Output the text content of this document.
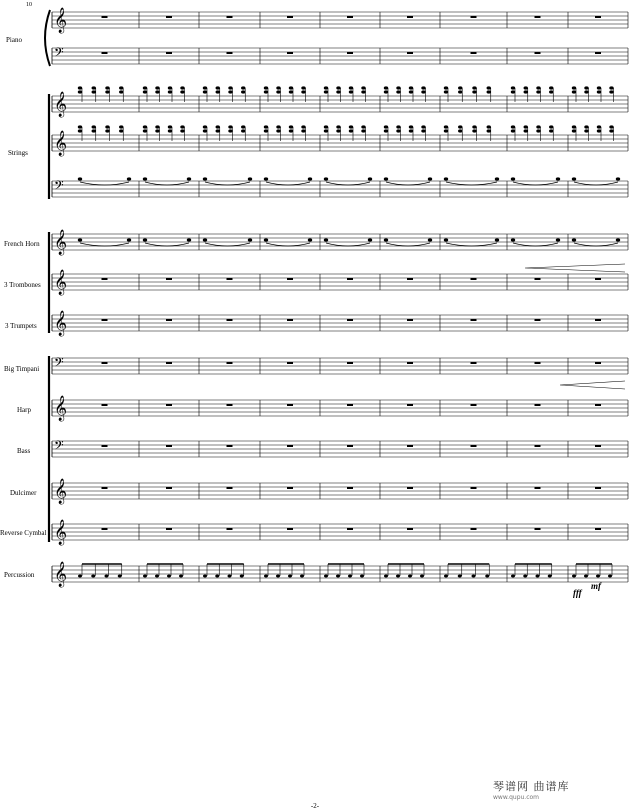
10
Piano
Strings
French Horn
3 Trombones
3 Trumpets
Big Timpani
Harp
Bass
Dulcimer
Reverse Cymbal
Percussion
𝄞
𝄢
𝄞
𝄞
𝄢
𝄞
𝄞
𝄞
𝄢
𝄞
𝄢
𝄞
𝄞
𝄞
fff
mf
琴谱网 曲谱库
www.qupu.com
-2-
